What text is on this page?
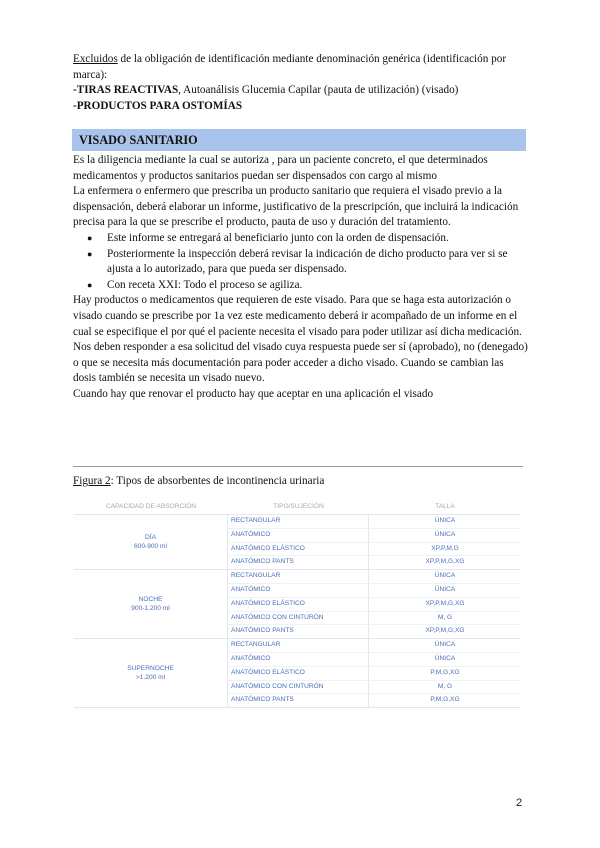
Excluidos de la obligación de identificación mediante denominación genérica (identificación por marca):
-TIRAS REACTIVAS, Autoanálisis Glucemia Capilar (pauta de utilización) (visado)
-PRODUCTOS PARA OSTOMÍAS
VISADO SANITARIO

Es la diligencia mediante la cual se autoriza , para un paciente concreto, el que determinados medicamentos y productos sanitarios puedan ser dispensados con cargo al mismo

La enfermera o enfermero que prescriba un producto sanitario que requiera el visado previo a la dispensación, deberá elaborar un informe, justificativo de la prescripción, que incluirá la indicación precisa para la que se prescribe el producto, pauta de uso y duración del tratamiento.

● Este informe se entregará al beneficiario junto con la orden de dispensación.
● Posteriormente la inspección deberá revisar la indicación de dicho producto para ver si se ajusta a lo autorizado, para que pueda ser dispensado.
● Con receta XXI: Todo el proceso se agiliza.

Hay productos o medicamentos que requieren de este visado. Para que se haga esta autorización o visado cuando se prescribe por 1a vez este medicamento deberá ir acompañado de un informe en el cual se especifique el por qué el paciente necesita el visado para poder utilizar así dicha medicación. Nos deben responder a esa solicitud del visado cuya respuesta puede ser sí (aprobado), no (denegado) o que se necesita más documentación para poder acceder a dicho visado. Cuando se cambian las dosis también se necesita un visado nuevo.

Cuando hay que renovar el producto hay que aceptar en una aplicación el visado

Figura 2: Tipos de absorbentes de incontinencia urinaria
CAPACIDAD DE ABSORCIÓN	TIPO/SUJECIÓN	TALLA
DÍA
600-900 ml
RECTANGULAR	ÚNICA
ANATÓMICO	ÚNICA
ANATÓMICO ELÁSTICO	XP,P,M,G
ANATÓMICO PANTS	XP,P,M,G,XG
NOCHE
900-1.200 ml
RECTANGULAR	ÚNICA
ANATÓMICO	ÚNICA
ANATÓMICO ELÁSTICO	XP,P,M,G,XG
ANATÓMICO CON CINTURÓN	M, G
ANATÓMICO PANTS	XP,P,M,G,XG
SUPERNOCHE
>1.200 ml
RECTANGULAR	ÚNICA
ANATÓMICO	ÚNICA
ANATÓMICO ELÁSTICO	P,M,G,XG
ANATÓMICO CON CINTURÓN	M, G
ANATÓMICO PANTS	P,M,G,XG
2
